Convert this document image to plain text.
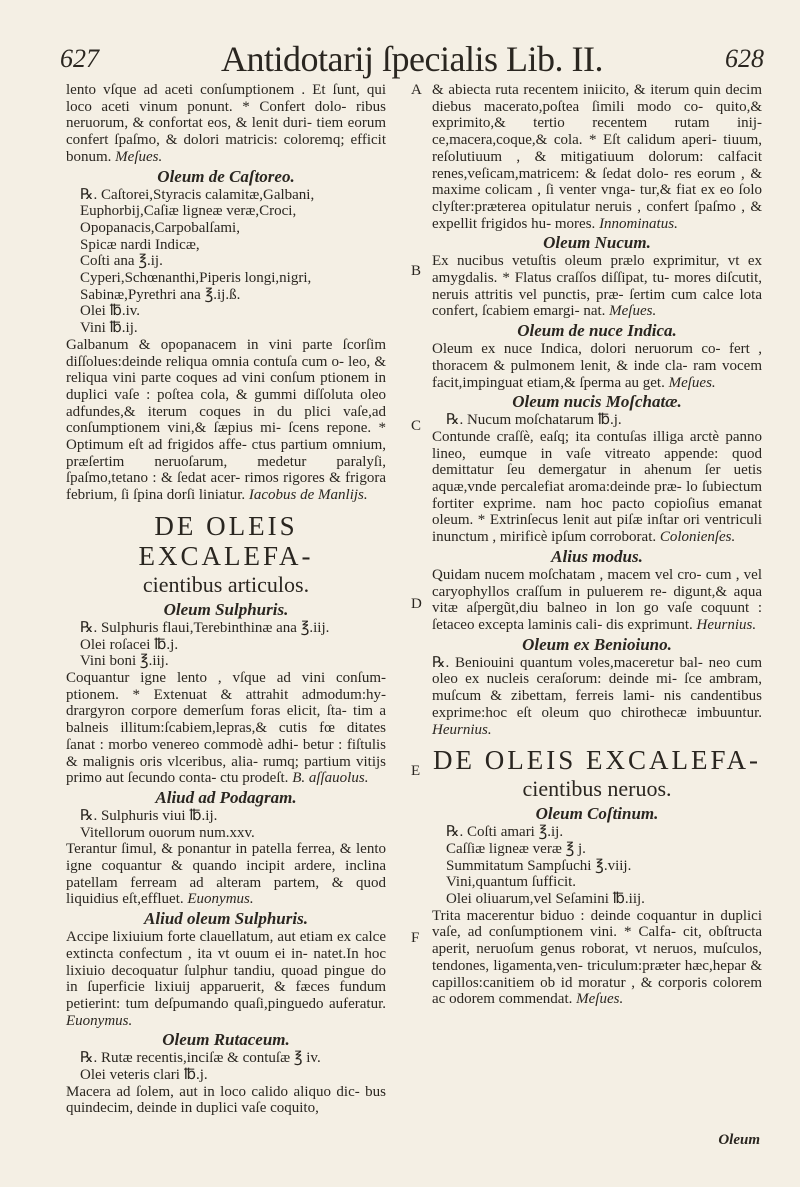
627	Antidotarij ſpecialis Lib. II.	628
A
B
C
D
E
F

lento vſque ad aceti conſumptionem . Et ſunt, qui loco aceti vinum ponunt. * Confert dolo- ribus neruorum, & confortat eos, & lenit duri- tiem eorum confert ſpaſmo, & dolori matricis: coloremq; efficit bonum. Meſues.

Oleum de Caſtoreo.

℞. Caſtorei,Styracis calamitæ,Galbani,

Euphorbij,Caſiæ ligneæ veræ,Croci,

Opopanacis,Carpobalſami,

Spicæ nardi Indicæ,

Coſti ana ℥.ij.

Cyperi,Schœnanthi,Piperis longi,nigri,

Sabinæ,Pyrethri ana ℥.ij.ß.

Olei ℔.iv.

Vini ℔.ij.

Galbanum & opopanacem in vini parte ſcorſim diſſolues:deinde reliqua omnia contuſa cum o- leo, & reliqua vini parte coques ad vini conſum ptionem in duplici vaſe : poſtea cola, & gummi diſſoluta oleo adfundes,& iterum coques in du plici vaſe,ad conſumptionem vini,& ſæpius mi- ſcens repone. * Optimum eſt ad frigidos affe- ctus partium omnium, præſertim neruoſarum, medetur paralyſi, ſpaſmo,tetano : & ſedat acer- rimos rigores & frigora febrium, ſi ſpina dorſi liniatur. Iacobus de Manlijs.

DE OLEIS EXCALEFA-

cientibus articulos.

Oleum Sulphuris.

℞. Sulphuris flaui,Terebinthinæ ana ℥.iij.

Olei roſacei ℔.j.

Vini boni ℥.iij.

Coquantur igne lento , vſque ad vini conſum- ptionem. * Extenuat & attrahit admodum:hy- drargyron corpore demerſum foras elicit, ſta- tim a balneis illitum:ſcabiem,lepras,& cutis fœ ditates ſanat : morbo venereo commodè adhi- betur : fiſtulis & malignis oris vlceribus, alia- rumq; partium vitijs primo aut ſecundo conta- ctu prodeſt. B. aſſauolus.

Aliud ad Podagram.

℞. Sulphuris viui ℔.ij.

Vitellorum ouorum num.xxv.

Terantur ſimul, & ponantur in patella ferrea, & lento igne coquantur & quando incipit ardere, inclina patellam ferream ad alteram partem, & quod liquidius eſt,effluet. Euonymus.

Aliud oleum Sulphuris.

Accipe lixiuium forte clauellatum, aut etiam ex calce extincta confectum , ita vt ouum ei in- natet.In hoc lixiuio decoquatur ſulphur tandiu, quoad pingue do in ſuperficie lixiuij apparuerit, & fæces fundum petierint: tum deſpumando quaſi,pinguedo auferatur. Euonymus.

Oleum Rutaceum.

℞. Rutæ recentis,inciſæ & contuſæ ℥ iv.

Olei veteris clari ℔.j.

Macera ad ſolem, aut in loco calido aliquo dic- bus quindecim, deinde in duplici vaſe coquito,

& abiecta ruta recentem iniicito, & iterum quin decim diebus macerato,poſtea ſimili modo co- quito,& exprimito,& tertio recentem rutam inij- ce,macera,coque,& cola. * Eſt calidum aperi- tiuum, reſolutiuum , & mitigatiuum dolorum: calfacit renes,veſicam,matricem: & ſedat dolo- res eorum , & maxime colicam , ſi venter vnga- tur,& fiat ex eo ſolo clyſter:præterea opitulatur neruis , confert ſpaſmo , & expellit frigidos hu- mores. Innominatus.

Oleum Nucum.

Ex nucibus vetuſtis oleum prælo exprimitur, vt ex amygdalis. * Flatus craſſos diſſipat, tu- mores diſcutit, neruis attritis vel punctis, præ- ſertim cum calce lota confert, ſcabiem emargi- nat. Meſues.

Oleum de nuce Indica.

Oleum ex nuce Indica, dolori neruorum co- fert , thoracem & pulmonem lenit, & inde cla- ram vocem facit,impinguat etiam,& ſperma au get. Meſues.

Oleum nucis Moſchatæ.

℞. Nucum moſchatarum ℔.j.

Contunde craſſè, eaſq; ita contuſas illiga arctè panno lineo, eumque in vaſe vitreato appende: quod demittatur ſeu demergatur in ahenum ſer uetis aquæ,vnde percalefiat aroma:deinde præ- lo ſubiectum fortiter exprime. nam hoc pacto copioſius emanat oleum. * Extrinſecus lenit aut piſæ inſtar ori ventriculi inunctum , mirificè ipſum corroborat. Colonienſes.

Alius modus.

Quidam nucem moſchatam , macem vel cro- cum , vel caryophyllos craſſum in puluerem re- digunt,& aqua vitæ aſpergũt,diu balneo in lon go vaſe coquunt : ſetaceo excepta laminis cali- dis exprimunt. Heurnius.

Oleum ex Benioiuno.

℞. Beniouini quantum voles,maceretur bal- neo cum oleo ex nucleis ceraſorum: deinde mi- ſce ambram, muſcum & zibettam, ferreis lami- nis candentibus exprime:hoc eſt oleum quo chirothecæ imbuuntur. Heurnius.

DE OLEIS EXCALEFA-

cientibus neruos.

Oleum Coſtinum.

℞. Coſti amari ℥.ij.

Caſſiæ ligneæ veræ ℥ j.

Summitatum Sampſuchi ℥.viij.

Vini,quantum ſufficit.

Olei oliuarum,vel Seſamini ℔.iij.

Trita macerentur biduo : deinde coquantur in duplici vaſe, ad conſumptionem vini. * Calfa- cit, obſtructa aperit, neruoſum genus roborat, vt neruos, muſculos, tendones, ligamenta,ven- triculum:præter hæc,hepar & capillos:canitiem ob id moratur , & corporis colorem ac odorem commendat. Meſues.

Oleum
